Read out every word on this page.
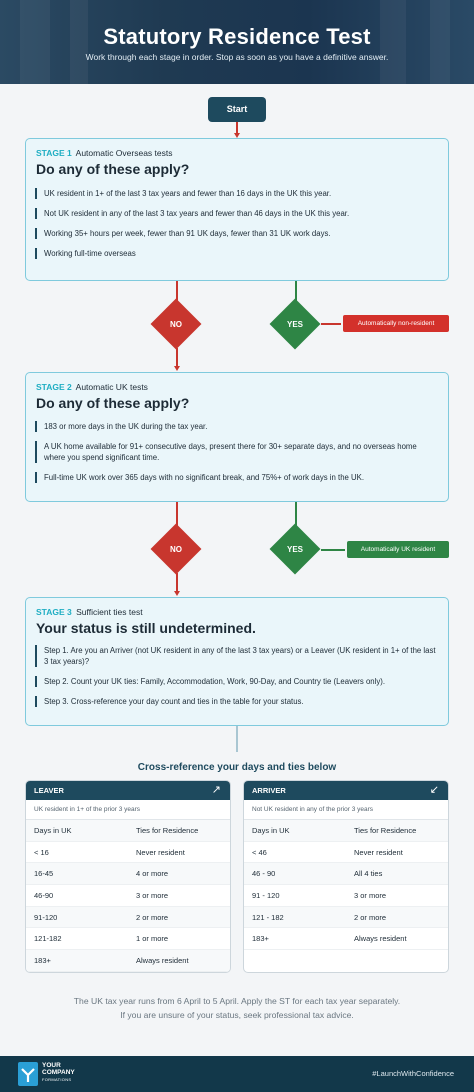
Statutory Residence Test

Work through each stage in order. Stop as soon as you have a definitive answer.

Start
STAGE 1 Automatic Overseas tests
Do any of these apply?
UK resident in 1+ of the last 3 tax years and fewer than 16 days in the UK this year.
Not UK resident in any of the last 3 tax years and fewer than 46 days in the UK this year.
Working 35+ hours per week, fewer than 91 UK days, fewer than 31 UK work days.
Working full-time overseas
NO	YES	Automatically non-resident
STAGE 2 Automatic UK tests
Do any of these apply?
183 or more days in the UK during the tax year.
A UK home available for 91+ consecutive days, present there for 30+ separate days, and no overseas home where you spend significant time.
Full-time UK work over 365 days with no significant break, and 75%+ of work days in the UK.
NO	YES	Automatically UK resident
STAGE 3 Sufficient ties test
Your status is still undetermined.
Step 1. Are you an Arriver (not UK resident in any of the last 3 tax years) or a Leaver (UK resident in 1+ of the last 3 tax years)?
Step 2. Count your UK ties: Family, Accommodation, Work, 90-Day, and Country tie (Leavers only).
Step 3. Cross-reference your day count and ties in the table for your status.
Cross-reference your days and ties below
LEAVER	↗
UK resident in 1+ of the prior 3 years
Days in UK	Ties for Residence
< 16	Never resident
16-45	4 or more
46-90	3 or more
91-120	2 or more
121-182	1 or more
183+	Always resident
ARRIVER	↙
Not UK resident in any of the prior 3 years
Days in UK	Ties for Residence
< 46	Never resident
46 - 90	All 4 ties
91 - 120	3 or more
121 - 182	2 or more
183+	Always resident
The UK tax year runs from 6 April to 5 April. Apply the ST for each tax year separately.
If you are unsure of your status, seek professional tax advice.
YOUR
COMPANY
FORMATIONS
#LaunchWithConfidence
